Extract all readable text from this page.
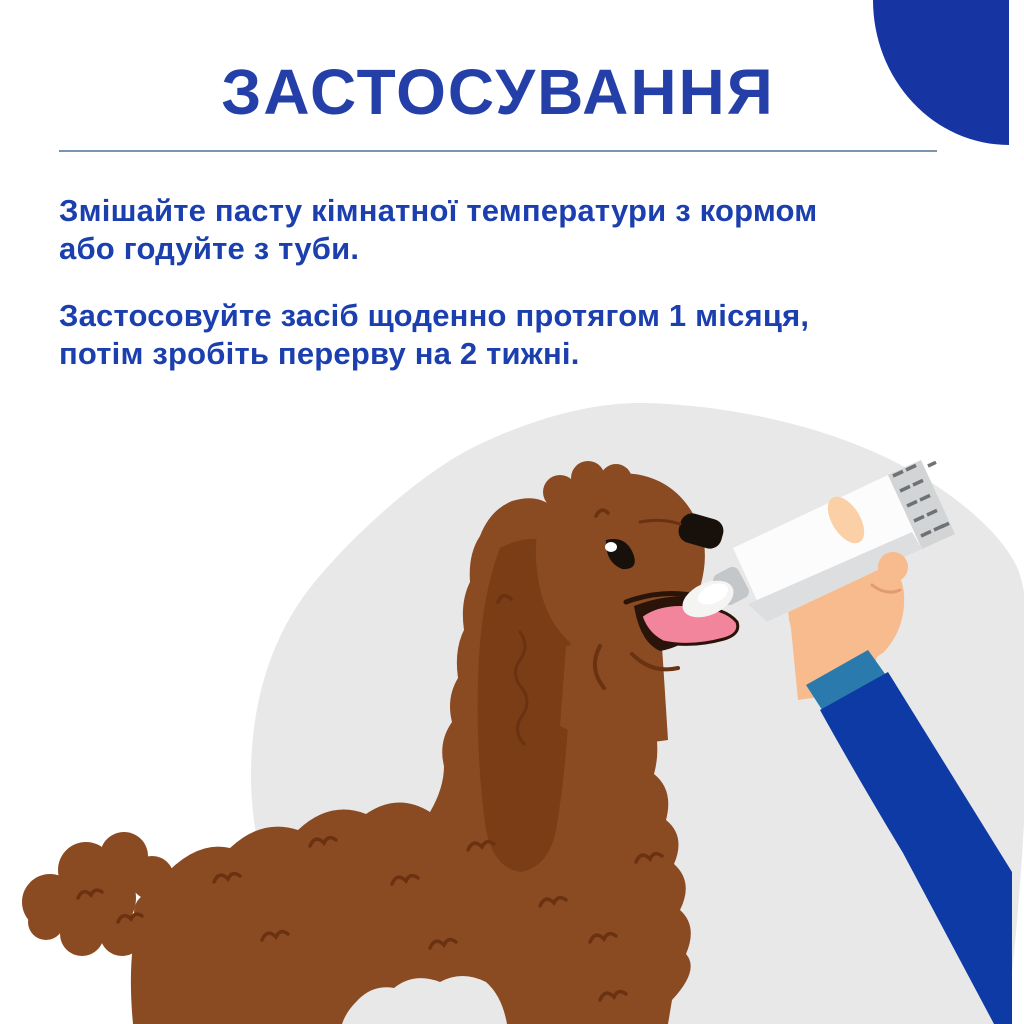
ЗАСТОСУВАННЯ

Змішайте пасту кімнатної температури з кормом
або годуйте з туби.

Застосовуйте засіб щоденно протягом 1 місяця,
потім зробіть перерву на 2 тижні.
